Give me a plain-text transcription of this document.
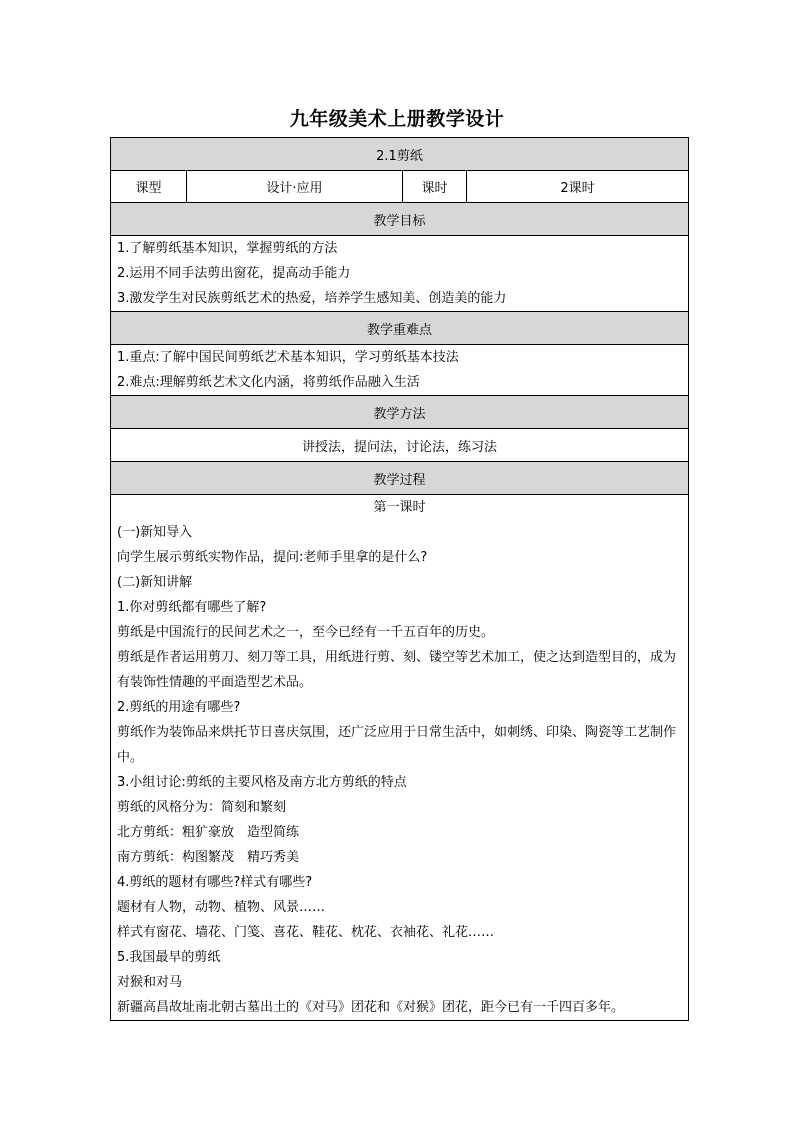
九年级美术上册教学设计
2.1剪纸
课型	设计·应用	课时	2课时
教学目标

1.了解剪纸基本知识，掌握剪纸的方法
2.运用不同手法剪出窗花，提高动手能力
3.激发学生对民族剪纸艺术的热爱，培养学生感知美、创造美的能力

教学重难点

1.重点:了解中国民间剪纸艺术基本知识，学习剪纸基本技法
2.难点:理解剪纸艺术文化内涵，将剪纸作品融入生活

教学方法
讲授法，提问法，讨论法，练习法
教学过程

第一课时
(一)新知导入
向学生展示剪纸实物作品，提问:老师手里拿的是什么?
(二)新知讲解
1.你对剪纸都有哪些了解?
剪纸是中国流行的民间艺术之一，至今已经有一千五百年的历史。
剪纸是作者运用剪刀、刻刀等工具，用纸进行剪、刻、镂空等艺术加工，使之达到造型目的，成为有装饰性情趣的平面造型艺术品。
2.剪纸的用途有哪些?
剪纸作为装饰品来烘托节日喜庆氛围，还广泛应用于日常生活中，如刺绣、印染、陶瓷等工艺制作中。
3.小组讨论:剪纸的主要风格及南方北方剪纸的特点
剪纸的风格分为：简刻和繁刻
北方剪纸：粗犷豪放　造型简练
南方剪纸：构图繁茂　精巧秀美
4.剪纸的题材有哪些?样式有哪些?
题材有人物，动物、植物、风景……
样式有窗花、墙花、门笺、喜花、鞋花、枕花、衣袖花、礼花……
5.我国最早的剪纸
对猴和对马
新疆高昌故址南北朝古墓出土的《对马》团花和《对猴》团花，距今已有一千四百多年。
